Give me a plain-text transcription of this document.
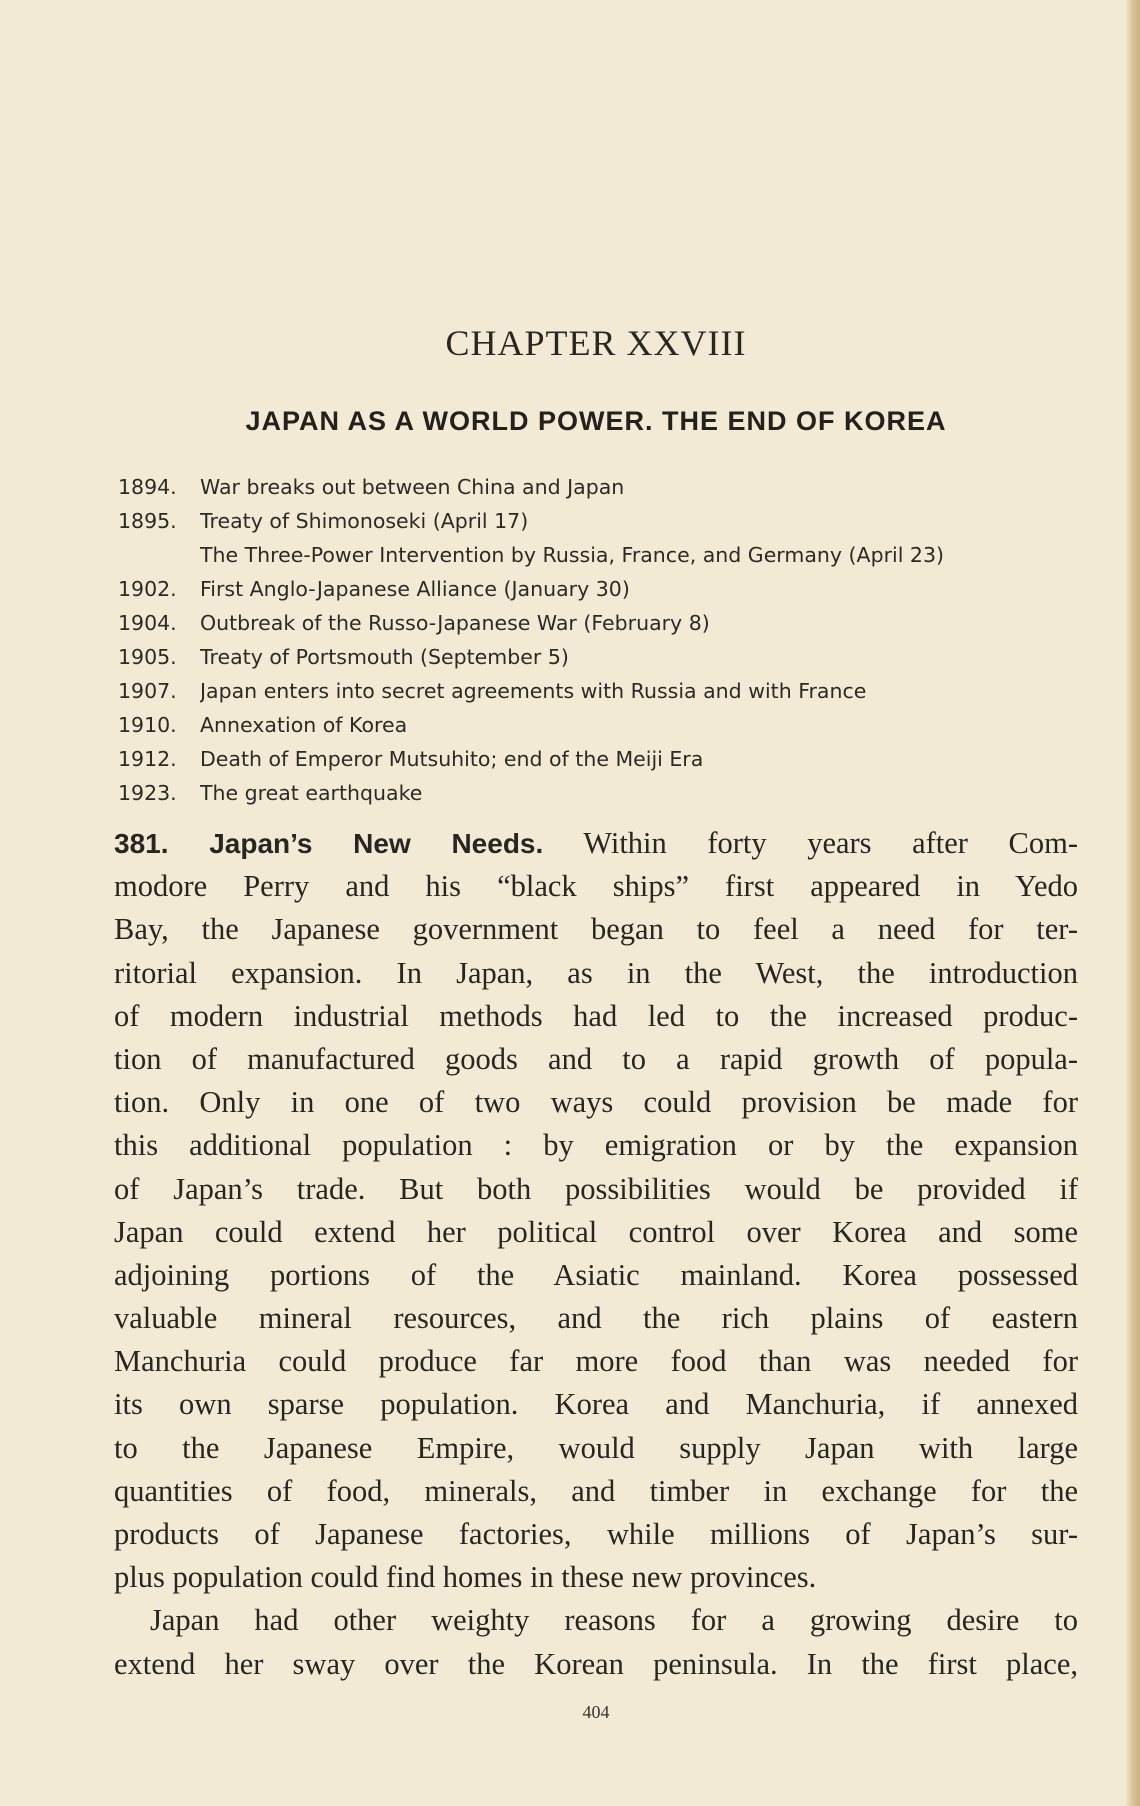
CHAPTER XXVIII
JAPAN AS A WORLD POWER. THE END OF KOREA
1894.	War breaks out between China and Japan
1895.	Treaty of Shimonoseki (April 17)
The Three-Power Intervention by Russia, France, and Germany (April 23)
1902.	First Anglo-Japanese Alliance (January 30)
1904.	Outbreak of the Russo-Japanese War (February 8)
1905.	Treaty of Portsmouth (September 5)
1907.	Japan enters into secret agreements with Russia and with France
1910.	Annexation of Korea
1912.	Death of Emperor Mutsuhito; end of the Meiji Era
1923.	The great earthquake
381. Japan’s New Needs. Within forty years after Com-
modore Perry and his “black ships” first appeared in Yedo
Bay, the Japanese government began to feel a need for ter-
ritorial expansion. In Japan, as in the West, the introduction
of modern industrial methods had led to the increased produc-
tion of manufactured goods and to a rapid growth of popula-
tion. Only in one of two ways could provision be made for
this additional population : by emigration or by the expansion
of Japan’s trade. But both possibilities would be provided if
Japan could extend her political control over Korea and some
adjoining portions of the Asiatic mainland. Korea possessed
valuable mineral resources, and the rich plains of eastern
Manchuria could produce far more food than was needed for
its own sparse population. Korea and Manchuria, if annexed
to the Japanese Empire, would supply Japan with large
quantities of food, minerals, and timber in exchange for the
products of Japanese factories, while millions of Japan’s sur-
plus population could find homes in these new provinces.
Japan had other weighty reasons for a growing desire to
extend her sway over the Korean peninsula. In the first place,
404
